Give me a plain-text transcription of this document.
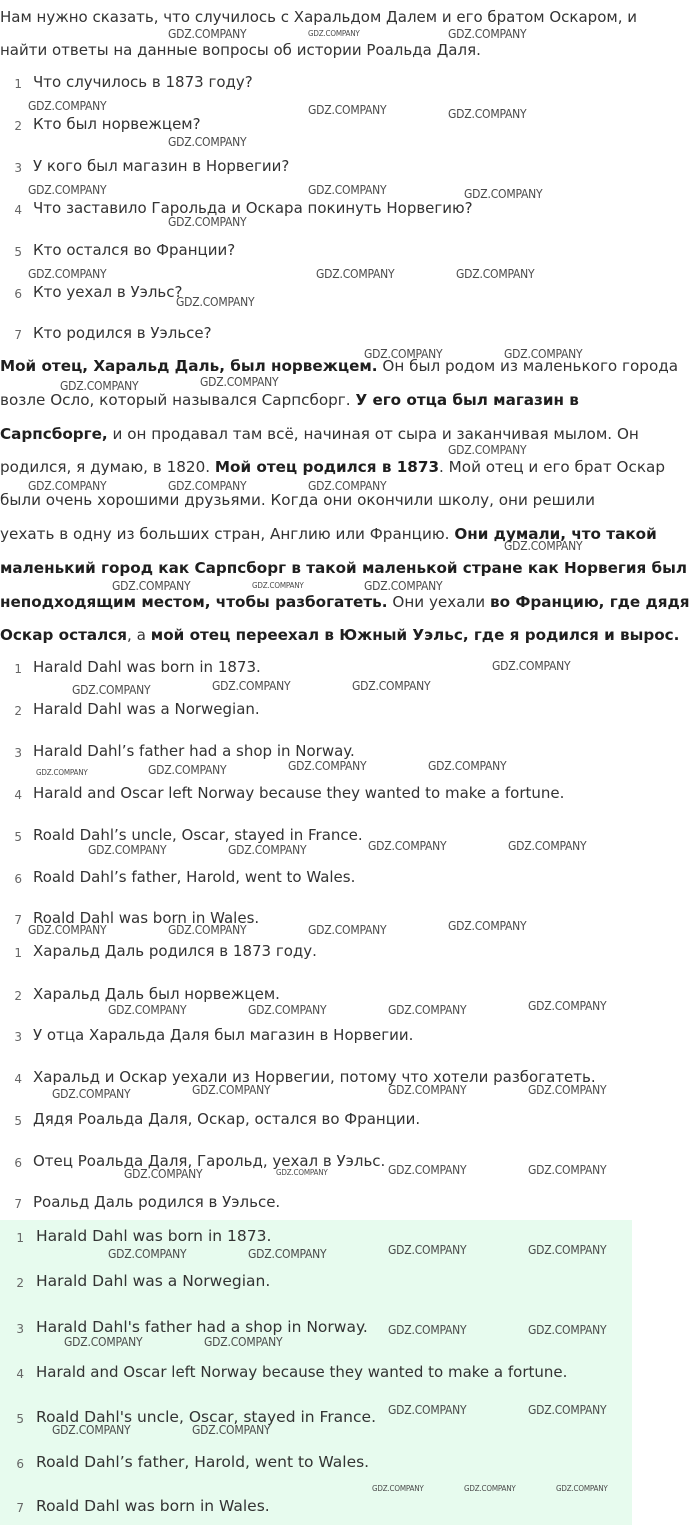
Нам нужно сказать, что случилось с Харальдом Далем и его братом Оскаром, и
найти ответы на данные вопросы об истории Роальда Даля.
1 Что случилось в 1873 году?
2 Кто был норвежцем?
3 У кого был магазин в Норвегии?
4 Что заставило Гарольда и Оскара покинуть Норвегию?
5 Кто остался во Франции?
6 Кто уехал в Уэльс?
7 Кто родился в Уэльсе?
Мой отец, Харальд Даль, был норвежцем. Он был родом из маленького города
возле Осло, который назывался Сарпсборг. У его отца был магазин в
Сарпсборге, и он продавал там всё, начиная от сыра и заканчивая мылом. Он
родился, я думаю, в 1820. Мой отец родился в 1873. Мой отец и его брат Оскар
были очень хорошими друзьями. Когда они окончили школу, они решили
уехать в одну из больших стран, Англию или Францию. Они думали, что такой
маленький город как Сарпсборг в такой маленькой стране как Норвегия был
неподходящим местом, чтобы разбогатеть. Они уехали во Францию, где дядя
Оскар остался, а мой отец переехал в Южный Уэльс, где я родился и вырос.
1 Harald Dahl was born in 1873.
2 Harald Dahl was a Norwegian.
3 Harald Dahl’s father had a shop in Norway.
4 Harald and Oscar left Norway because they wanted to make a fortune.
5 Roald Dahl’s uncle, Oscar, stayed in France.
6 Roald Dahl’s father, Harold, went to Wales.
7 Roald Dahl was born in Wales.
1 Харальд Даль родился в 1873 году.
2 Харальд Даль был норвежцем.
3 У отца Харальда Даля был магазин в Норвегии.
4 Харальд и Оскар уехали из Норвегии, потому что хотели разбогатеть.
5 Дядя Роальда Даля, Оскар, остался во Франции.
6 Отец Роальда Даля, Гарольд, уехал в Уэльс.
7 Роальд Даль родился в Уэльсе.
1 Harald Dahl was born in 1873.
2 Harald Dahl was a Norwegian.
3 Harald Dahl's father had a shop in Norway.
4 Harald and Oscar left Norway because they wanted to make a fortune.
5 Roald Dahl's uncle, Oscar, stayed in France.
6 Roald Dahl’s father, Harold, went to Wales.
7 Roald Dahl was born in Wales.
GDZ.COMPANY	GDZ.COMPANY	GDZ.COMPANY
GDZ.COMPANY	GDZ.COMPANY	GDZ.COMPANY
GDZ.COMPANY
GDZ.COMPANY	GDZ.COMPANY	GDZ.COMPANY
GDZ.COMPANY
GDZ.COMPANY	GDZ.COMPANY	GDZ.COMPANY
GDZ.COMPANY
GDZ.COMPANY	GDZ.COMPANY
GDZ.COMPANY	GDZ.COMPANY
GDZ.COMPANY
GDZ.COMPANY	GDZ.COMPANY	GDZ.COMPANY
GDZ.COMPANY
GDZ.COMPANY	GDZ.COMPANY	GDZ.COMPANY
GDZ.COMPANY
GDZ.COMPANY	GDZ.COMPANY	GDZ.COMPANY
GDZ.COMPANY	GDZ.COMPANY	GDZ.COMPANY	GDZ.COMPANY
GDZ.COMPANY	GDZ.COMPANY	GDZ.COMPANY	GDZ.COMPANY
GDZ.COMPANY	GDZ.COMPANY	GDZ.COMPANY	GDZ.COMPANY
GDZ.COMPANY	GDZ.COMPANY	GDZ.COMPANY	GDZ.COMPANY
GDZ.COMPANY	GDZ.COMPANY	GDZ.COMPANY	GDZ.COMPANY
GDZ.COMPANY	GDZ.COMPANY	GDZ.COMPANY	GDZ.COMPANY
GDZ.COMPANY	GDZ.COMPANY	GDZ.COMPANY	GDZ.COMPANY
GDZ.COMPANY	GDZ.COMPANY
GDZ.COMPANY	GDZ.COMPANY
GDZ.COMPANY	GDZ.COMPANY
GDZ.COMPANY	GDZ.COMPANY
GDZ.COMPANY	GDZ.COMPANY	GDZ.COMPANY
